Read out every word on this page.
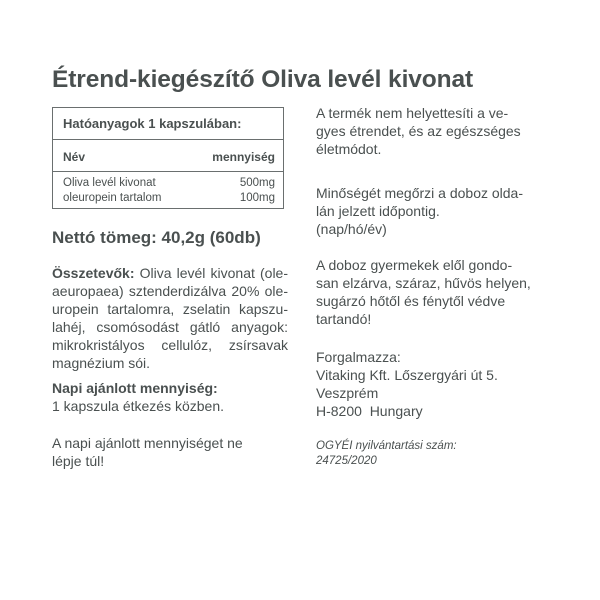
Étrend-kiegészítő Oliva levél kivonat
Hatóanyagok 1 kapszulában:
Név	mennyiség
Oliva levél kivonat	500mg
oleuropein tartalom	100mg
Nettó tömeg: 40,2g (60db)
Összetevők: Oliva levél kivonat (ole-
aeuropaea) sztenderdizálva 20% ole-
uropein tartalomra, zselatin kapszu-
lahéj, csomósodást gátló anyagok:
mikrokristályos cellulóz, zsírsavak
magnézium sói.
Napi ajánlott mennyiség:
1 kapszula étkezés közben.
A napi ajánlott mennyiséget ne
lépje túl!
A termék nem helyettesíti a ve-
gyes étrendet, és az egészséges
életmódot.
Minőségét megőrzi a doboz olda-
lán jelzett időpontig.
(nap/hó/év)
A doboz gyermekek elől gondo-
san elzárva, száraz, hűvös helyen,
sugárzó hőtől és fénytől védve
tartandó!
Forgalmazza:
Vitaking Kft. Lőszergyári út 5.
Veszprém
H-8200  Hungary
OGYÉI nyilvántartási szám:
24725/2020
